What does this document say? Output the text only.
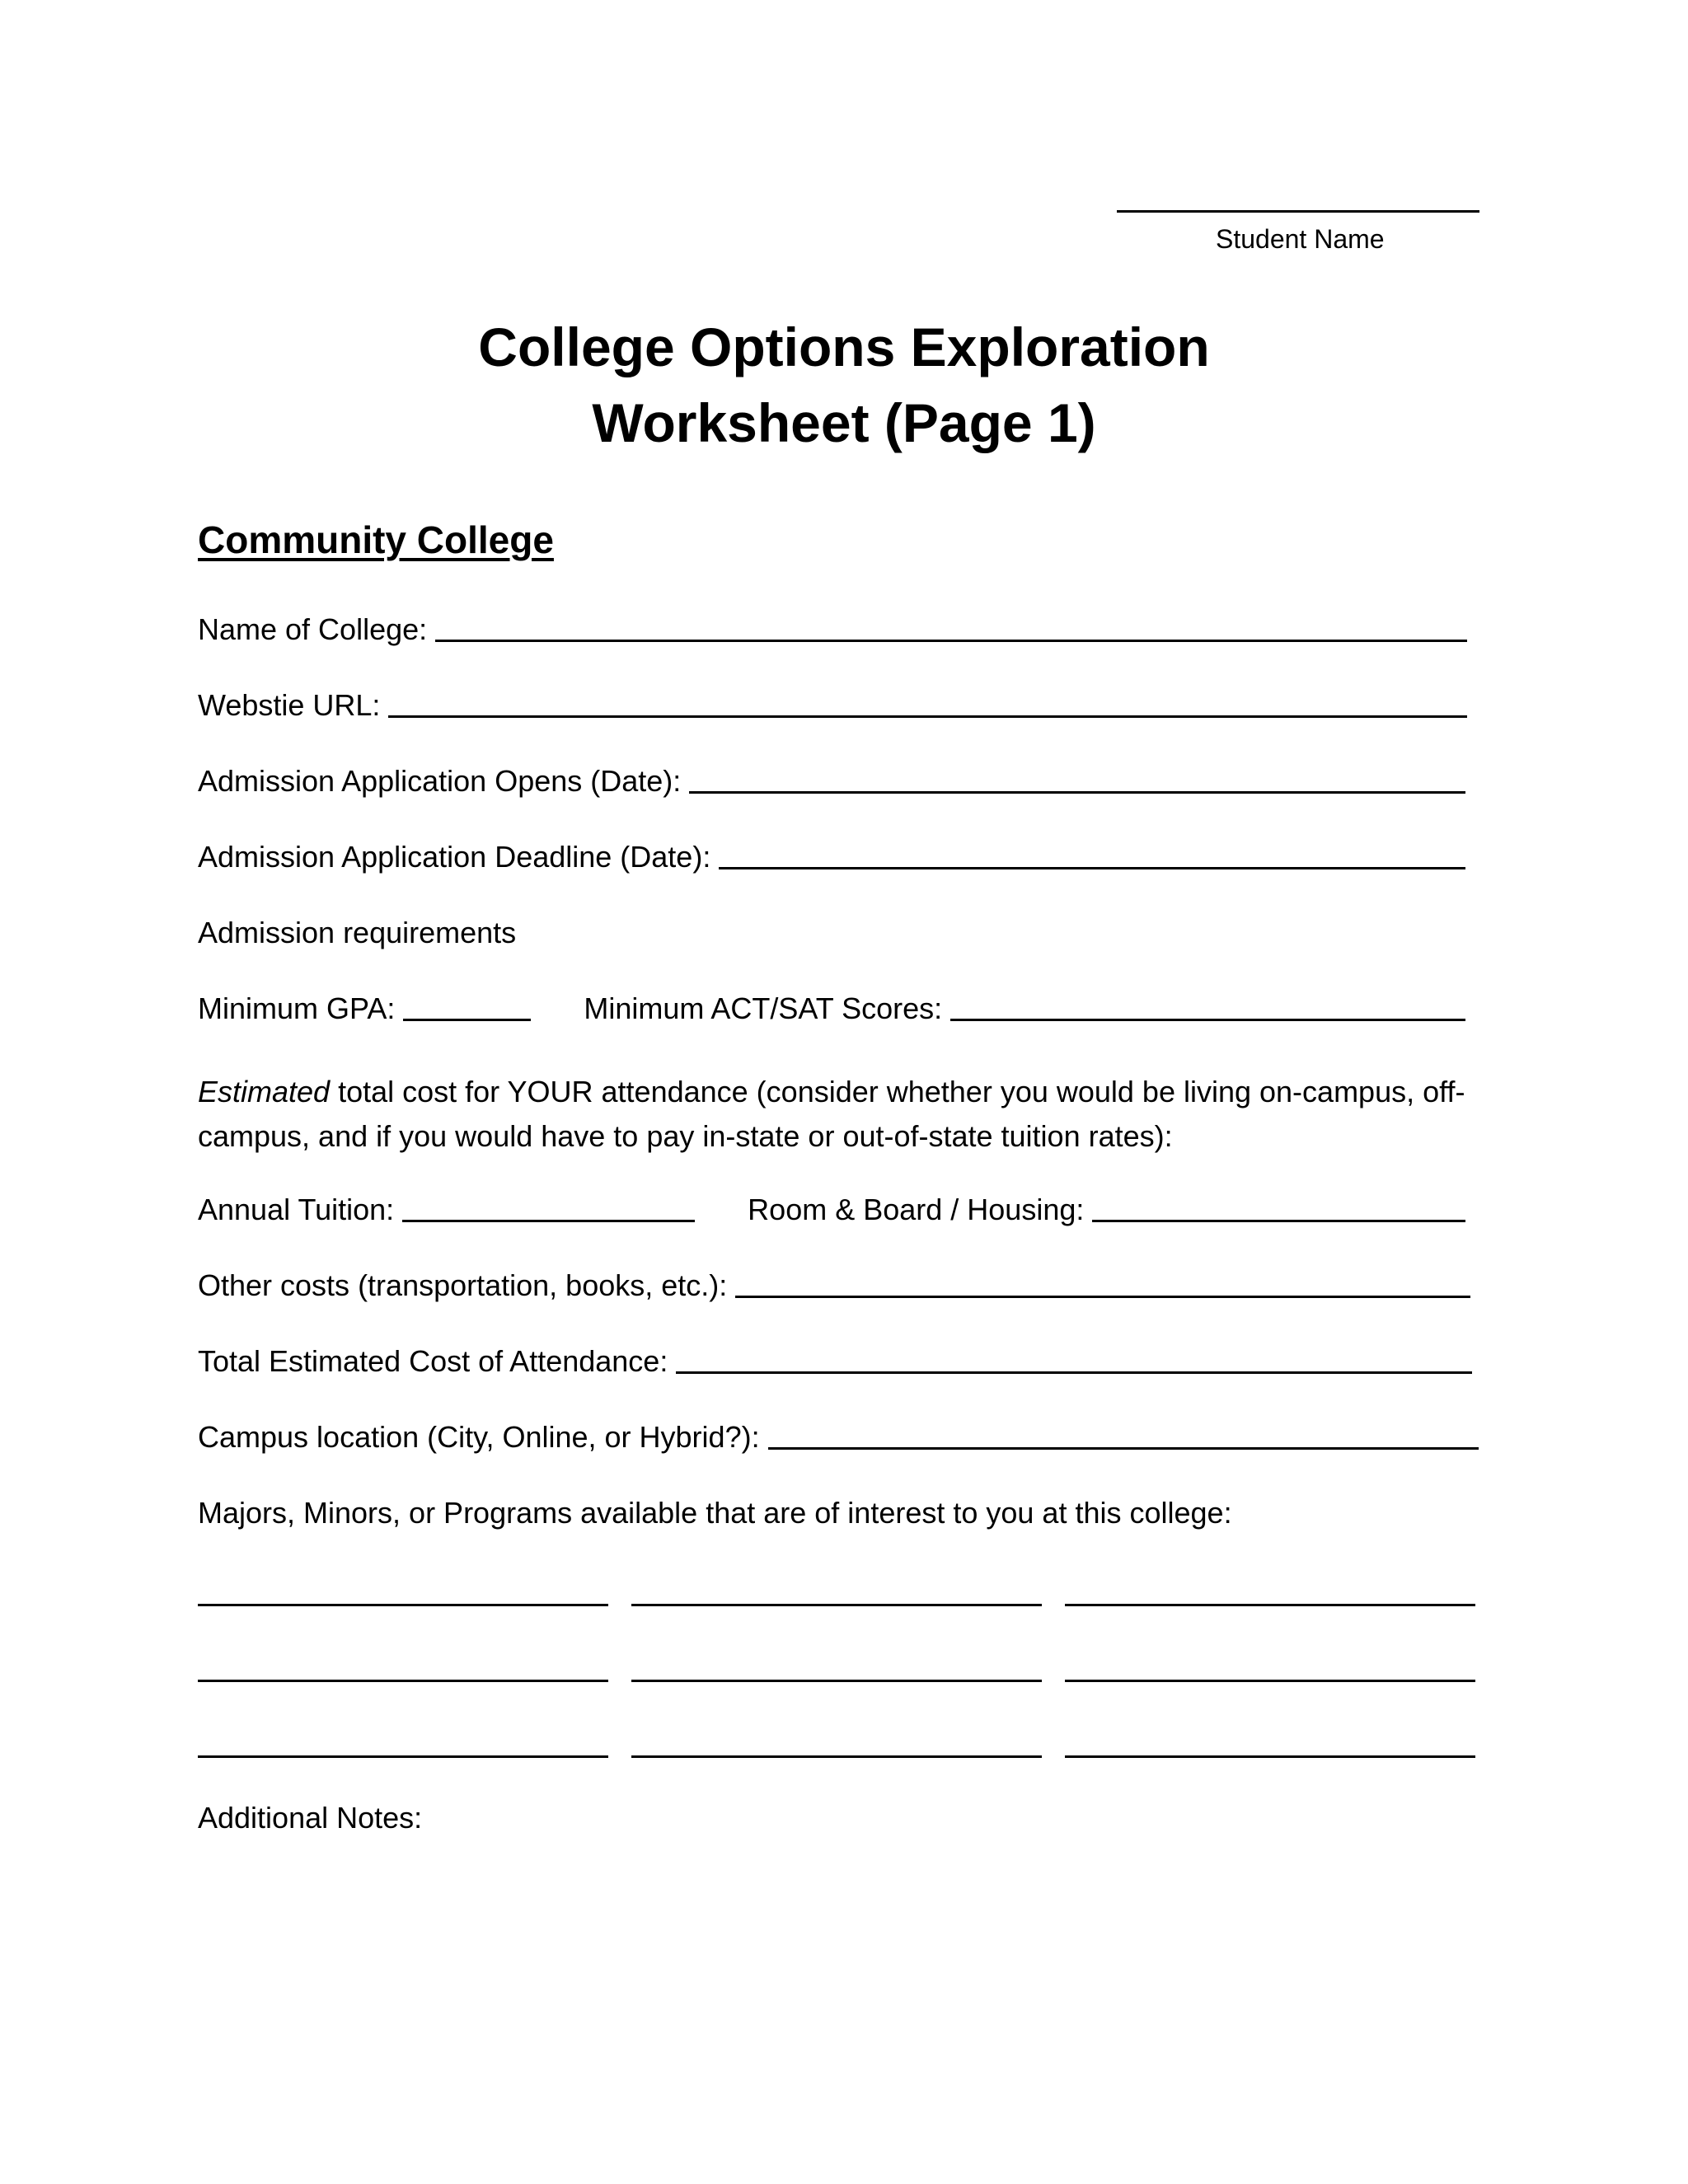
Student Name
College Options Exploration
Worksheet (Page 1)
Community College
Name of College:
Webstie URL:
Admission Application Opens (Date):
Admission Application Deadline (Date):
Admission requirements
Minimum GPA:	Minimum ACT/SAT Scores:
Estimated total cost for YOUR attendance (consider whether you would be living on-campus, off-campus, and if you would have to pay in-state or out-of-state tuition rates):
Annual Tuition:	Room & Board / Housing:
Other costs (transportation, books, etc.):
Total Estimated Cost of Attendance:
Campus location (City, Online, or Hybrid?):
Majors, Minors, or Programs available that are of interest to you at this college:
Additional Notes:
